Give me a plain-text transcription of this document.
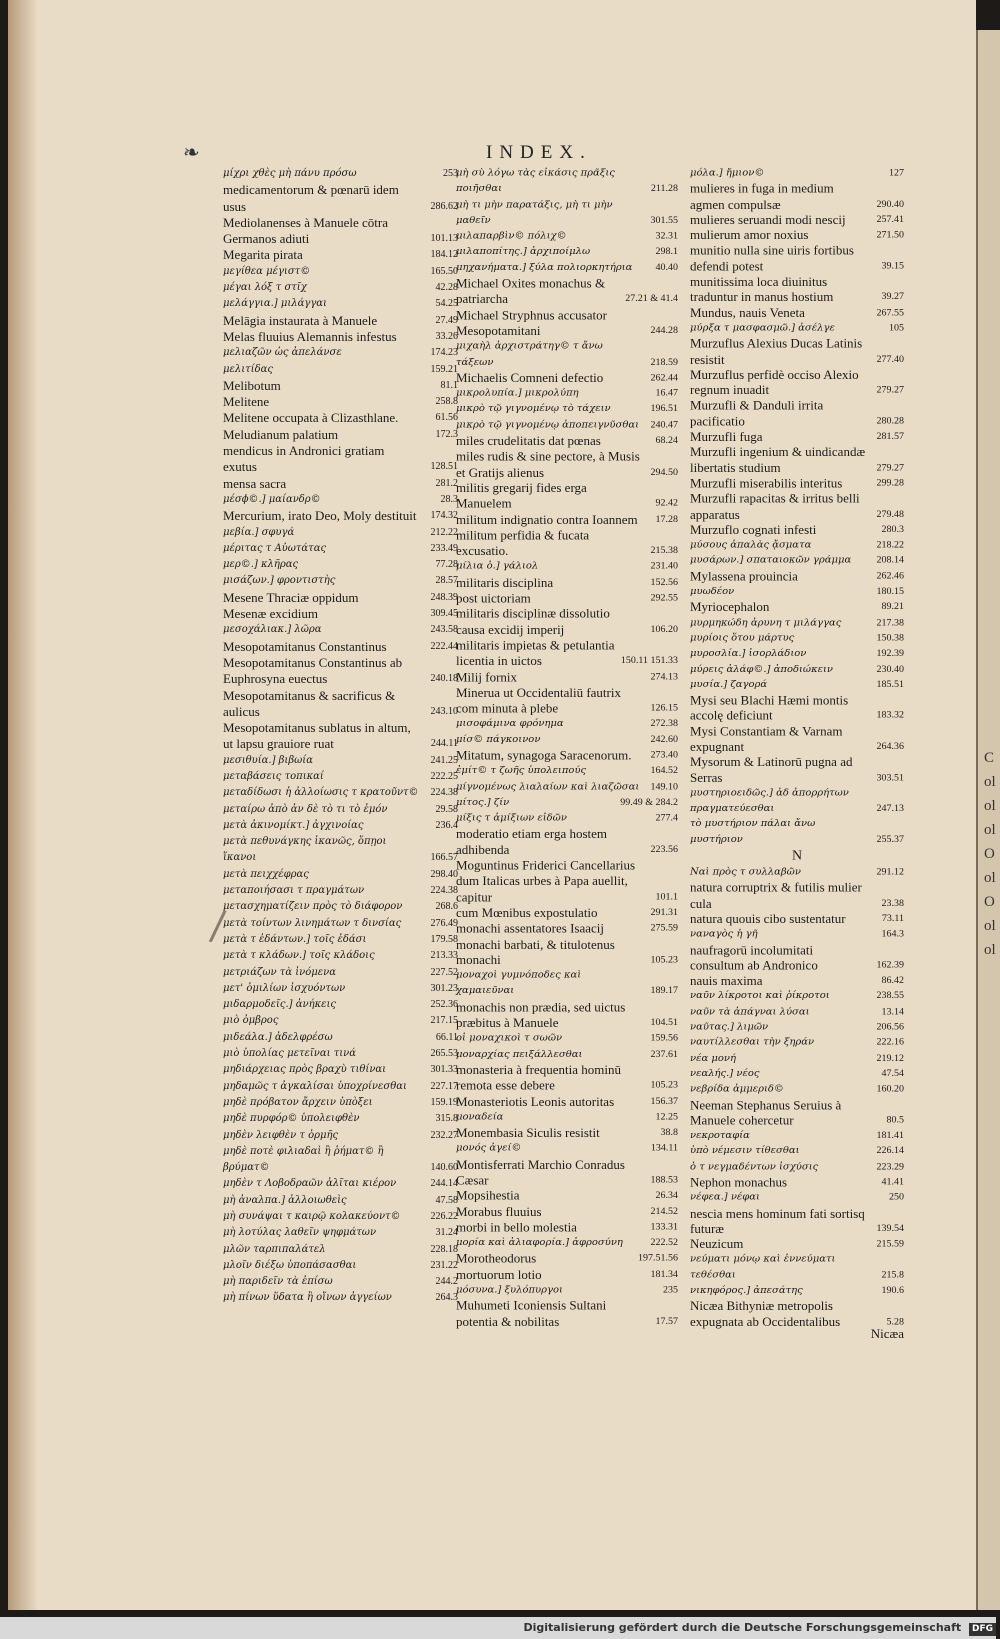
❧	INDEX.
/
μίχρι χθὲς μὴ πάνυ πρόσω	253
medicamentorum & pœnarū idem usus	286.62
Mediolanenses à Manuele cōtra Germanos adiuti	101.13
Megarita pirata	184.12
μεγίθεα μέγιστ©	165.50
μέγαι λόξ τ στῖχ	42.28
μελάγγια.] μιλάγγαι	54.25
Melāgia instaurata à Manuele	27.49
Melas fluuius Alemannis infestus	33.26
μελιαζῶν ὡς ἀπελάνσε	174.23
μελιτίδας	159.21
Melibotum	81.1
Melitene	258.8
Melitene occupata à Clizasthlane.	61.56
Meludianum palatium	172.3
mendicus in Andronici gratiam exutus	128.51
mensa sacra	281.2
μέσϕ©.] μαίανδρ©	28.3
Mercurium, irato Deo, Moly destituit	174.32
μεβία.] σφυγά	212.22
μέριτας τ Αὐωτάτας	233.49
μερ©.] κλῆρας	77.28
μισάζων.] φροντιστὴς	28.57
Mesene Thraciæ oppidum	248.39
Mesenæ excidium	309.45
μεσοχάλιακ.] λῶρα	243.58
Mesopotamitanus Constantinus	222.44
Mesopotamitanus Constantinus ab Euphrosyna euectus	240.18
Mesopotamitanus & sacrificus & aulicus	243.10
Mesopotamitanus sublatus in altum, ut lapsu grauiore ruat	244.11
μεσιθυία.] βιβωία	241.25
μεταβάσεις τοπικαί	222.25
μεταδίδωσι ἡ ἀλλοίωσις τ κρατοῦντ© 224.38
μεταίρω ἀπὸ ἀν δὲ τὸ τι τὸ ἐμόν	29.58
μετὰ ἀκινομίκτ.] ἀγχινοίας	236.4
μετὰ πεθυνάγκης ἱκανῶς, ὅπῃοι ἵκανοι	166.57
μετὰ πειχχέφρας	298.40
μεταποιήσασι τ πραγμάτων	224.38
μετασχηματίζειν πρὸς τὸ διάφορον	268.6
μετὰ τοίντων λινημάτων τ δινσίας	276.49
μετὰ τ ἐδάντων.] τοῖς ἐδάσι	179.58
μετὰ τ κλάδων.] τοῖς κλάδοις	213.33
μετριάζων τὰ ἰνόμενα	227.52
μετ' ὁμιλίων ἰσχυόντων	301.23
μιδαρμοδεῖς.] ἀνήκεις	252.36
μιὸ ὀμβρος	217.15
μιδεάλα.] ἀδελφρέσω	66.11
μιὸ ὑπολίας μετεῖναι τινά	265.53
μηδιάρχειας πρὸς βραχὺ τιθίναι	301.33
μηδαμῶς τ ἀγκαλίσαι ὑποχρίνεσθαι	227.17
μηδὲ πρόβατον ἄρχειν ὑπὸξει	159.19
μηδὲ πυρφόρ© ὑπολειφθὲν	315.8
μηδὲν λειφθὲν τ ὁρμῆς	232.27
μηδὲ ποτὲ φιλιαδαὶ ἢ ῥήματ© ἢ βρύματ©	140.60
μηδὲν τ Λοβοδραῶν ἀλῖται κιέρον	244.14
μὴ ἀναλπα.] ἀλλοιωθεὶς	47.58
μὴ συνάψαι τ καιρῷ κολακεύοντ©	226.22
μὴ λοτύλας λαθεῖν ψηφμάτων	31.24
μλῶν ταρπιπαλάτελ	228.18
μλοῖν διέξω ὑποπάσασθαι	231.22
μὴ παριδεῖν τὰ ἐπίσω	244.2
μὴ πίνων ὕδατα ἢ οἴνων ἀγγείων	264.3
μὴ σὺ λόγω τὰς εἰκάσις πρᾶξις ποιῆσθαι	211.28
μὴ τι μὴν παρατάξις, μὴ τι μὴν μαθεῖν	301.55
μιλαπαρβὶν© πόλιχ©	32.31
μιλαποπίτης.] ἀρχιποίμλω	298.1
μηχανήματα.] ξύλα πολιορκητήρια	40.40
Michael Oxites monachus & patriarcha	27.21 & 41.4
Michael Stryphnus accusator Mesopotamitani	244.28
μιχαὴλ ἀρχιστράτηγ© τ ἄνω τάξεων	218.59
Michaelis Comneni defectio	262.44
μικρολυπία.] μικρολύπη	16.47
μικρὸ τῷ γιγνομένῳ τὸ τάχειν	196.51
μικρὸ τῷ γιγνομένῳ ἀποπειγνῦσθαι 240.47
miles crudelitatis dat pœnas	68.24
miles rudis & sine pectore, à Musis et Gratijs alienus	294.50
militis gregarij fides erga Manuelem	92.42
militum indignatio contra Ioannem 17.28
militum perfidia & fucata excusatio.	215.38
μίλια ὁ.] γάλιολ	231.40
militaris disciplina	152.56
post uictoriam	292.55
militaris disciplinæ dissolutio causa excidij imperij	106.20
militaris impietas & petulantia licentia in uictos	150.11 151.33
Milij fornix	274.13
Minerua ut Occidentaliū fautrix com minuta à plebe	126.15
μισοφάμινα φρόνημα	272.38
μίσ© πάγκοινον	242.60
Mitatum, synagoga Saracenorum.	273.40
ἐμίτ© τ ζωῆς ὑπολειπούς	164.52
μίγνομένως λιαλαίων καὶ λιαζῶσαι 149.10
μίτος.] ζίν	99.49 & 284.2
μίξις τ ἀμίξιων εἰδῶν	277.4
moderatio etiam erga hostem adhibenda	223.56
Moguntinus Friderici Cancellarius dum Italicas urbes à Papa auellit, capitur	101.1
cum Mœnibus expostulatio	291.31
monachi assentatores Isaacij	275.59
monachi barbati, & titulotenus monachi	105.23
μοναχοὶ γυμνόποδες καὶ χαμαιεῦναι	189.17
monachis non prædia, sed uictus præbitus à Manuele	104.51
οἱ μοναχικοὶ τ σωῶν	159.56
μοναρχίας πειξάλλεσθαι	237.61
monasteria à frequentia hominū remota esse debere	105.23
Monasteriotis Leonis autoritas	156.37
μοναδεία	12.25
Monembasia Siculis resistit	38.8
μονός ἀγεί©	134.11
Montisferrati Marchio Conradus Cæsar	188.53
Mopsihestia	26.34
Morabus fluuius	214.52
morbi in bello molestia	133.31
μορία καὶ ἀλιαφορία.] ἀφροσύνη	222.52
Morotheodorus	197.51.56
mortuorum lotio	181.34
μόσυνα.] ξυλόπυργοι	235
Muhumeti Iconiensis Sultani potentia & nobilitas	17.57
μόλα.] ἤμιον©	127
mulieres in fuga in medium agmen compulsæ	290.40
mulieres seruandi modi nescij	257.41
mulierum amor noxius	271.50
munitio nulla sine uiris fortibus defendi potest	39.15
munitissima loca diuinitus traduntur in manus hostium	39.27
Mundus, nauis Veneta	267.55
μύρξα τ μασφασμῶ.] ἀσέλγε	105
Murzuflus Alexius Ducas Latinis resistit	277.40
Murzuflus perfidè occiso Alexio regnum inuadit	279.27
Murzufli & Danduli irrita pacificatio	280.28
Murzufli fuga	281.57
Murzufli ingenium & uindicandæ libertatis studium	279.27
Murzufli miserabilis interitus	299.28
Murzufli rapacitas & irritus belli apparatus	279.48
Murzuflo cognati infesti	280.3
μύσους ἀπαλὰς ᾄσματα	218.22
μυσάρων.] σπαταιοκῶν γράμμα	208.14
Mylassena prouincia	262.46
μυωδέον	180.15
Myriocephalon	89.21
μυρμηκώδη ἀρυνη τ μιλάγγας	217.38
μυρίοις ὅτου μάρτυς	150.38
μυροσλία.] ἰσορλάδιον	192.39
μύρεις ἀλάφ©.] ἀποδιώκειν	230.40
μυσία.] ζαγορά	185.51
Mysi seu Blachi Hæmi montis accolę deficiunt	183.32
Mysi Constantiam & Varnam expugnant	264.36
Mysorum & Latinorū pugna ad Serras	303.51
μυστηριοειδῶς.] ἀδ ἀπορρήτων πραγματεύεσθαι	247.13
τὸ μυστήριον πάλαι ἄνω μυστήριον	255.37
N
Ναὶ πρὸς τ συλλαβῶν	291.12
natura corruptrix & futilis mulier cula	23.38
natura quouis cibo sustentatur	73.11
ναναγὸς ἡ γῆ	164.3
naufragorū incolumitati consultum ab Andronico	162.39
nauis maxima	86.42
ναῦν λίκροτοι καὶ ῥίκροτοι	238.55
ναῦν τὰ ἀπάγναι λύσαι	13.14
ναῦτας.] λιμῶν	206.56
ναυτίλλεσθαι τὴν ξηράν	222.16
νέα μονή	219.12
νεαλής.] νέος	47.54
νεβρίδα ἀμμεριδ©	160.20
Neeman Stephanus Seruius à Manuele cohercetur	80.5
νεκροταφία	181.41
ὑπὸ νέμεσιν τίθεσθαι	226.14
ὁ τ νεγμαδέντων ἰσχύσις	223.29
Nephon monachus	41.41
νέφεα.] νέφαι	250
nescia mens hominum fati sortisq futuræ	139.54
Neuzicum	215.59
νεύματι μόνῳ καὶ ἐννεύματι τεθέσθαι	215.8
νικηφόρος.] ἀπεσάτης	190.6
Nicæa Bithyniæ metropolis expugnata ab Occidentalibus	5.28
Nicæa
C
ol
ol
ol
O
ol
O
ol
ol
Digitalisierung gefördert durch die Deutsche Forschungsgemeinschaft DFG
